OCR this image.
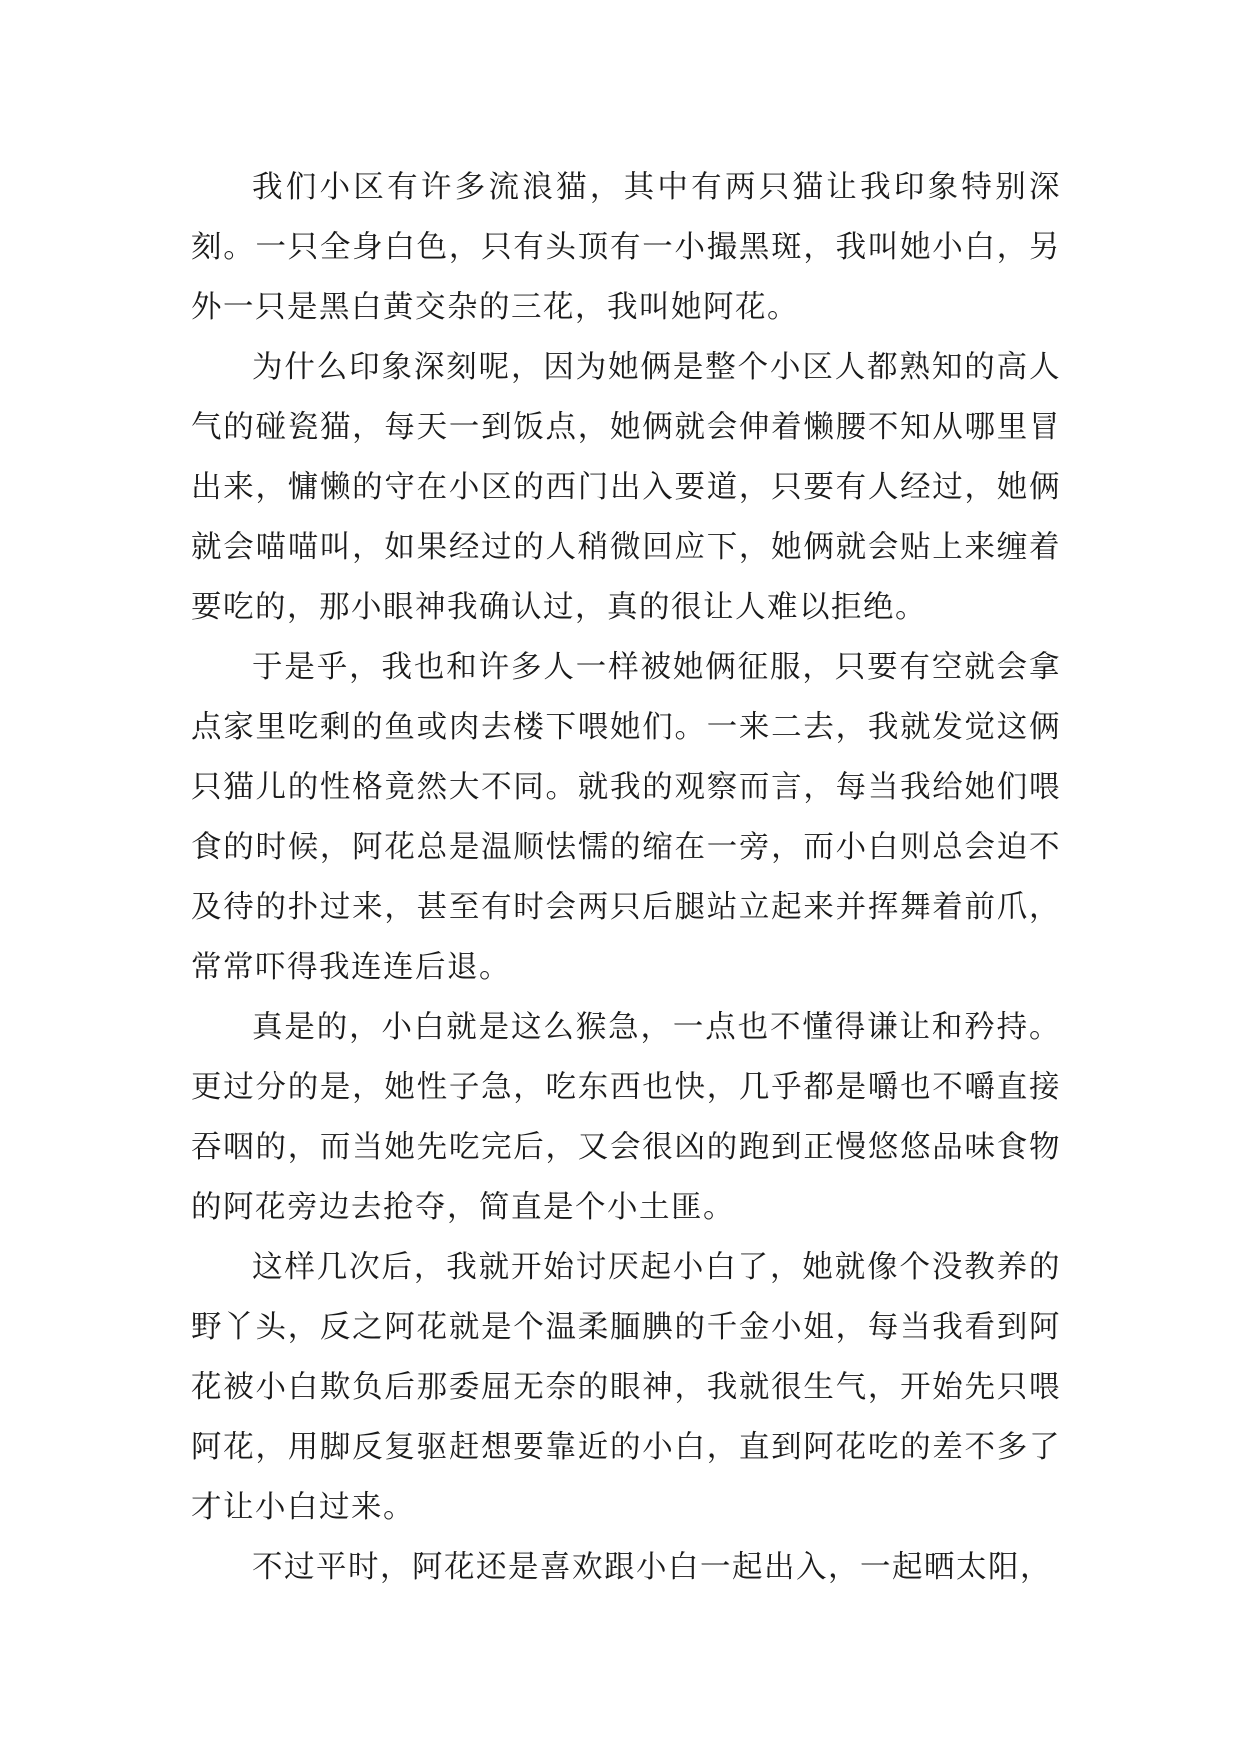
我们小区有许多流浪猫，其中有两只猫让我印象特别深刻。一只全身白色，只有头顶有一小撮黑斑，我叫她小白，另外一只是黑白黄交杂的三花，我叫她阿花。

为什么印象深刻呢，因为她俩是整个小区人都熟知的高人气的碰瓷猫，每天一到饭点，她俩就会伸着懒腰不知从哪里冒出来，慵懒的守在小区的西门出入要道，只要有人经过，她俩就会喵喵叫，如果经过的人稍微回应下，她俩就会贴上来缠着要吃的，那小眼神我确认过，真的很让人难以拒绝。

于是乎，我也和许多人一样被她俩征服，只要有空就会拿点家里吃剩的鱼或肉去楼下喂她们。一来二去，我就发觉这俩只猫儿的性格竟然大不同。就我的观察而言，每当我给她们喂食的时候，阿花总是温顺怯懦的缩在一旁，而小白则总会迫不及待的扑过来，甚至有时会两只后腿站立起来并挥舞着前爪，常常吓得我连连后退。

真是的，小白就是这么猴急，一点也不懂得谦让和矜持。更过分的是，她性子急，吃东西也快，几乎都是嚼也不嚼直接吞咽的，而当她先吃完后，又会很凶的跑到正慢悠悠品味食物的阿花旁边去抢夺，简直是个小土匪。

这样几次后，我就开始讨厌起小白了，她就像个没教养的野丫头，反之阿花就是个温柔腼腆的千金小姐，每当我看到阿花被小白欺负后那委屈无奈的眼神，我就很生气，开始先只喂阿花，用脚反复驱赶想要靠近的小白，直到阿花吃的差不多了才让小白过来。

不过平时，阿花还是喜欢跟小白一起出入，一起晒太阳，
